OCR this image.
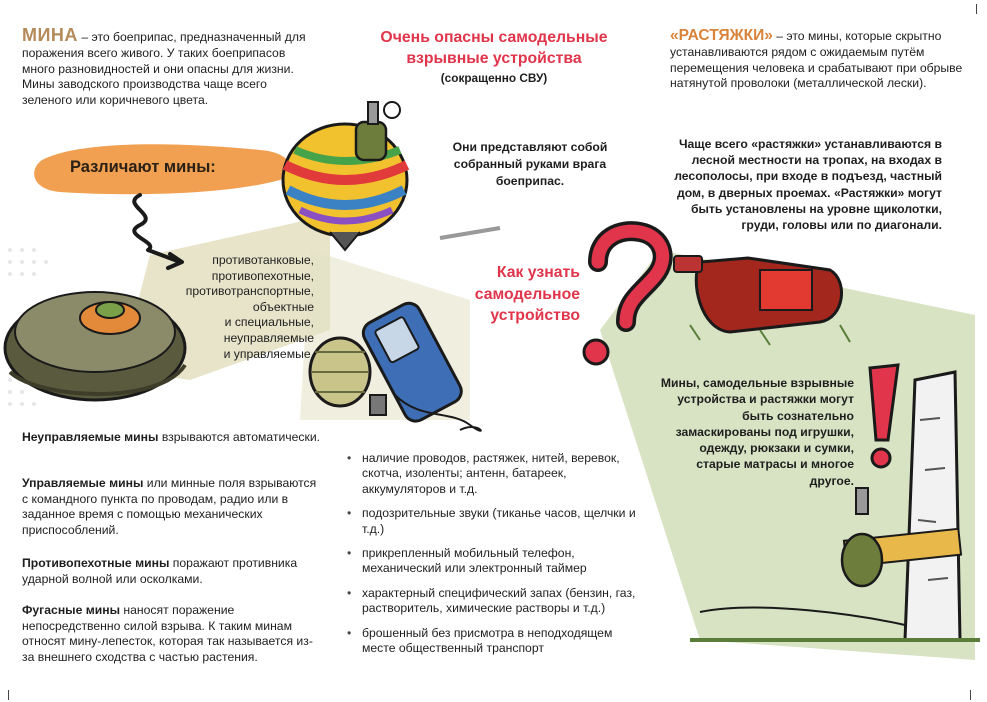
МИНА – это боеприпас, предназначенный для поражения всего живого. У таких боеприпасов много разновидностей и они опасны для жизни. Мины заводского производства чаще всего зеленого или коричневого цвета.
Различают мины:
противотанковые,
противопехотные,
противотранспортные,
объектные
и специальные,
неуправляемые
и управляемые.
Неуправляемые мины взрываются автоматически.
Управляемые мины или минные поля взрываются с командного пункта по проводам, радио или в заданное время с помощью механических приспособлений.
Противопехотные мины поражают противника ударной волной или осколками.
Фугасные мины наносят поражение непосредственно силой взрыва. К таким минам относят мину-лепесток, которая так называется из-за внешнего сходства с частью растения.
Очень опасны самодельные взрывные устройства
(сокращенно СВУ)
Они представляют собой собранный руками врага боеприпас.
Как узнать самодельное устройство
• наличие проводов, растяжек, нитей, веревок, скотча, изоленты; антенн, батареек, аккумуляторов и т.д.
• подозрительные звуки (тиканье часов, щелчки и т.д.)
• прикрепленный мобильный телефон, механический или электронный таймер
• характерный специфический запах (бензин, газ, растворитель, химические растворы и т.д.)
• брошенный без присмотра в неподходящем месте общественный транспорт
«РАСТЯЖКИ» – это мины, которые скрытно устанавливаются рядом с ожидаемым путём перемещения человека и срабатывают при обрыве натянутой проволоки (металлической лески).
Чаще всего «растяжки» устанавливаются в лесной местности на тропах, на входах в лесополосы, при входе в подъезд, частный дом, в дверных проемах. «Растяжки» могут быть установлены на уровне щиколотки, груди, головы или по диагонали.
Мины, самодельные взрывные устройства и растяжки могут быть сознательно замаскированы под игрушки, одежду, рюкзаки и сумки, старые матрасы и многое другое.
